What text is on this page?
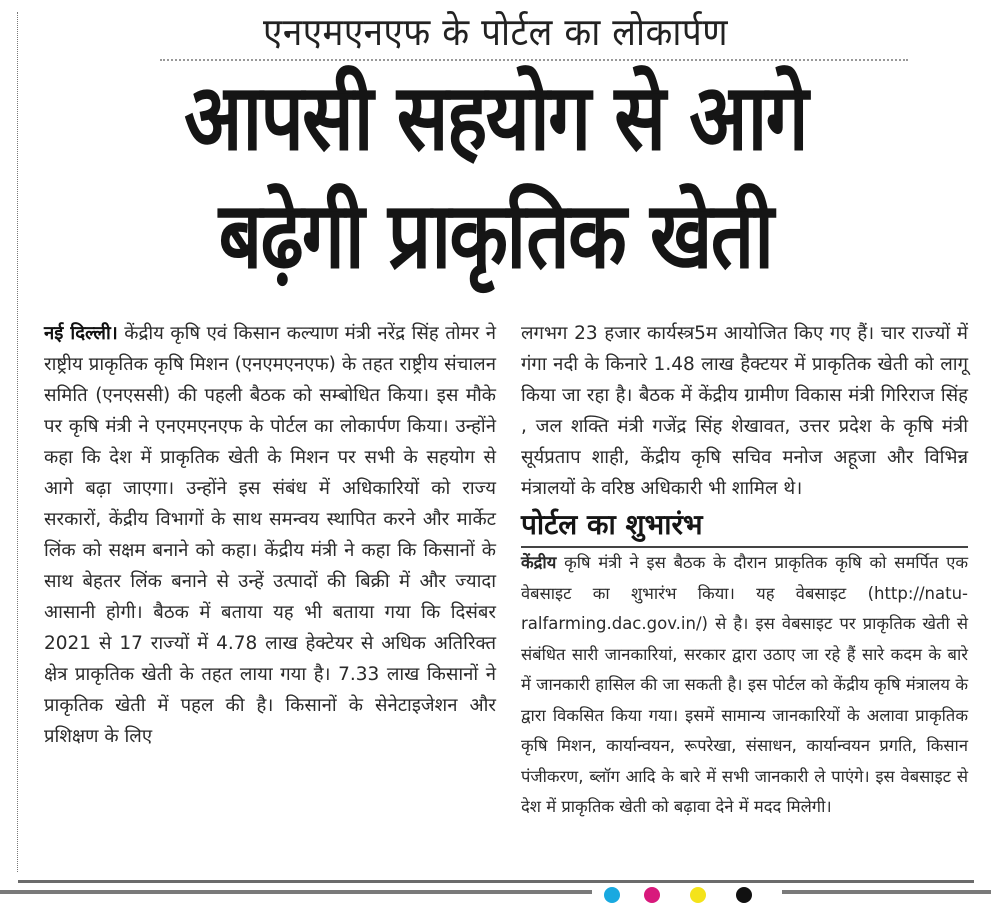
एनएमएनएफ के पोर्टल का लोकार्पण
आपसी सहयोग से आगे
बढ़ेगी प्राकृतिक खेती

नई दिल्ली। केंद्रीय कृषि एवं किसान कल्याण मंत्री नरेंद्र सिंह तोमर ने राष्ट्रीय प्राकृतिक कृषि मिशन (एनएमएनएफ) के तहत राष्ट्रीय संचालन समिति (एनएससी) की पहली बैठक को सम्बोधित किया। इस मौके पर कृषि मंत्री ने एनएमएनएफ के पोर्टल का लोकार्पण किया। उन्होंने कहा कि देश में प्राकृतिक खेती के मिशन पर सभी के सहयोग से आगे बढ़ा जाएगा। उन्होंने इस संबंध में अधिकारियों को राज्य सरकारों, केंद्रीय विभागों के साथ समन्वय स्थापित करने और मार्केट लिंक को सक्षम बनाने को कहा। केंद्रीय मंत्री ने कहा कि किसानों के साथ बेहतर लिंक बनाने से उन्हें उत्पादों की बिक्री में और ज्यादा आसानी होगी। बैठक में बताया यह भी बताया गया कि दिसंबर 2021 से 17 राज्यों में 4.78 लाख हेक्टेयर से अधिक अतिरिक्त क्षेत्र प्राकृतिक खेती के तहत लाया गया है। 7.33 लाख किसानों ने प्राकृतिक खेती में पहल की है। किसानों के सेनेटाइजेशन और प्रशिक्षण के लिए

लगभग 23 हजार कार्यस्त्र5म आयोजित किए गए हैं। चार राज्यों में गंगा नदी के किनारे 1.48 लाख हैक्टयर में प्राकृतिक खेती को लागू किया जा रहा है। बैठक में केंद्रीय ग्रामीण विकास मंत्री गिरिराज सिंह , जल शक्ति मंत्री गजेंद्र सिंह शेखावत, उत्तर प्रदेश के कृषि मंत्री सूर्यप्रताप शाही, केंद्रीय कृषि सचिव मनोज अहूजा और विभिन्न मंत्रालयों के वरिष्ठ अधिकारी भी शामिल थे।

पोर्टल का शुभारंभ

केंद्रीय कृषि मंत्री ने इस बैठक के दौरान प्राकृतिक कृषि को समर्पित एक वेबसाइट का शुभारंभ किया। यह वेबसाइट (http://natu-ralfarming.dac.gov.in/) से है। इस वेबसाइट पर प्राकृतिक खेती से संबंधित सारी जानकारियां, सरकार द्वारा उठाए जा रहे हैं सारे कदम के बारे में जानकारी हासिल की जा सकती है। इस पोर्टल को केंद्रीय कृषि मंत्रालय के द्वारा विकसित किया गया। इसमें सामान्य जानकारियों के अलावा प्राकृतिक कृषि मिशन, कार्यान्वयन, रूपरेखा, संसाधन, कार्यान्वयन प्रगति, किसान पंजीकरण, ब्लॉग आदि के बारे में सभी जानकारी ले पाएंगे। इस वेबसाइट से देश में प्राकृतिक खेती को बढ़ावा देने में मदद मिलेगी।
